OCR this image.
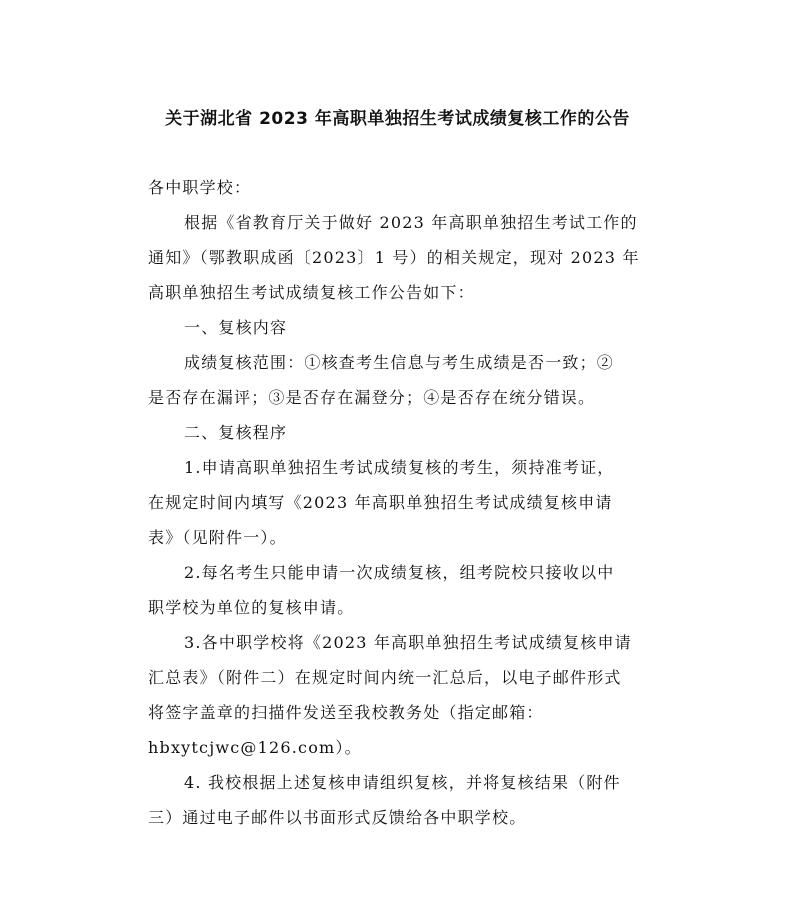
关于湖北省 2023 年高职单独招生考试成绩复核工作的公告
各中职学校：
根据《省教育厅关于做好 2023 年高职单独招生考试工作的
通知》（鄂教职成函〔2023〕1 号）的相关规定，现对 2023 年
高职单独招生考试成绩复核工作公告如下：
一、复核内容
成绩复核范围：①核查考生信息与考生成绩是否一致；②
是否存在漏评；③是否存在漏登分；④是否存在统分错误。
二、复核程序
1.申请高职单独招生考试成绩复核的考生，须持准考证，
在规定时间内填写《2023 年高职单独招生考试成绩复核申请
表》（见附件一）。
2.每名考生只能申请一次成绩复核，组考院校只接收以中
职学校为单位的复核申请。
3.各中职学校将《2023 年高职单独招生考试成绩复核申请
汇总表》（附件二）在规定时间内统一汇总后，以电子邮件形式
将签字盖章的扫描件发送至我校教务处（指定邮箱：
hbxytcjwc@126.com）。
4. 我校根据上述复核申请组织复核，并将复核结果（附件
三）通过电子邮件以书面形式反馈给各中职学校。
